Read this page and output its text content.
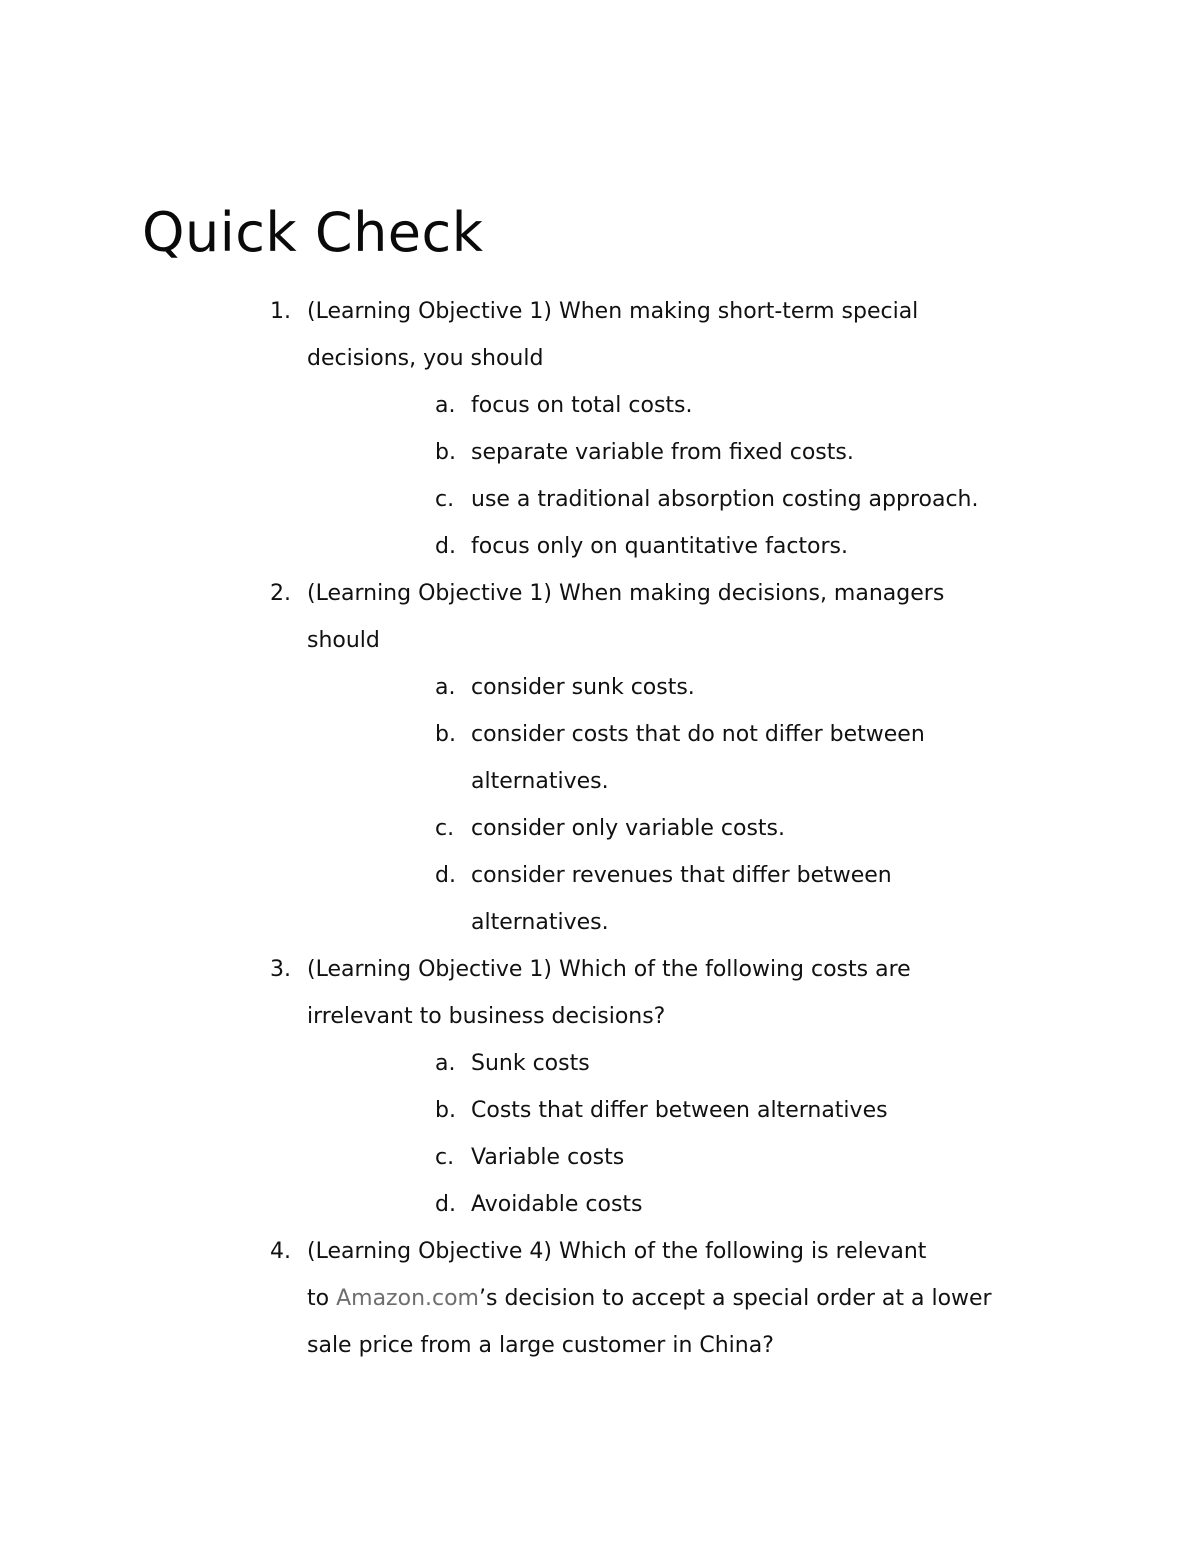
Quick Check
1. (Learning Objective 1) When making short-term special
decisions, you should
a. focus on total costs.
b. separate variable from fixed costs.
c. use a traditional absorption costing approach.
d. focus only on quantitative factors.
2. (Learning Objective 1) When making decisions, managers
should
a. consider sunk costs.
b. consider costs that do not differ between
alternatives.
c. consider only variable costs.
d. consider revenues that differ between
alternatives.
3. (Learning Objective 1) Which of the following costs are
irrelevant to business decisions?
a. Sunk costs
b. Costs that differ between alternatives
c. Variable costs
d. Avoidable costs
4. (Learning Objective 4) Which of the following is relevant
to Amazon.com’s decision to accept a special order at a lower
sale price from a large customer in China?
